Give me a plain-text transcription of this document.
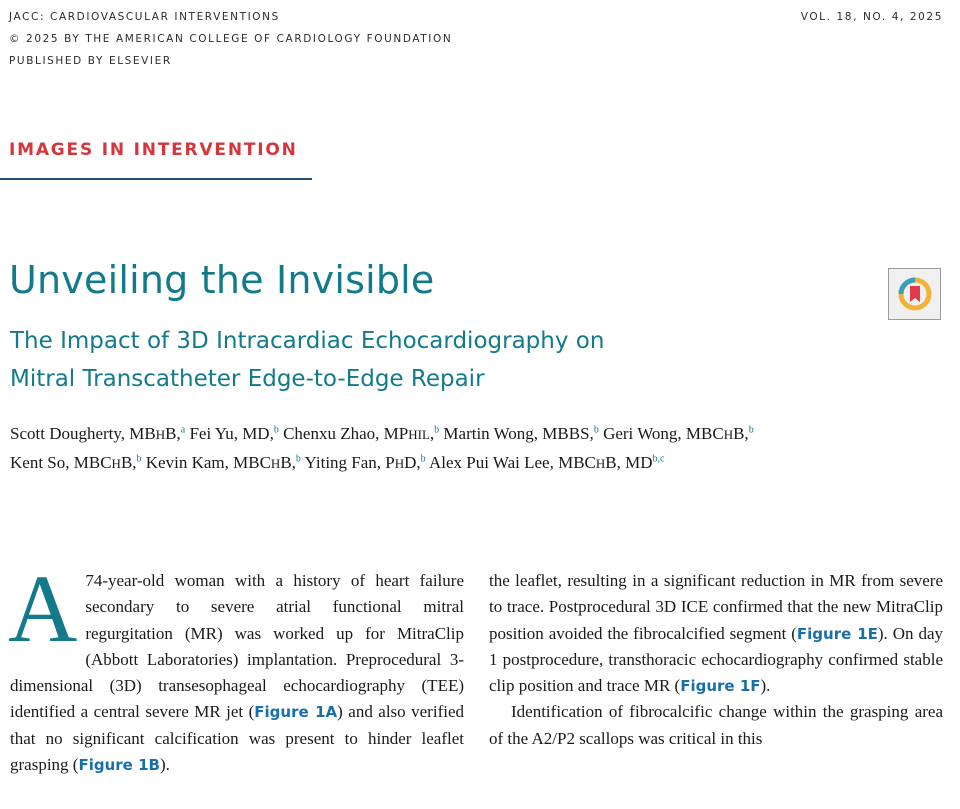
JACC: CARDIOVASCULAR INTERVENTIONS
© 2025 BY THE AMERICAN COLLEGE OF CARDIOLOGY FOUNDATION
PUBLISHED BY ELSEVIER
VOL. 18, NO. 4, 2025
IMAGES IN INTERVENTION
Unveiling the Invisible
The Impact of 3D Intracardiac Echocardiography on
Mitral Transcatheter Edge-to-Edge Repair
Scott Dougherty, MBHB,$^a$ Fei Yu, MD,$^b$ Chenxu Zhao, MPHIL,$^b$ Martin Wong, MBBS,$^b$ Geri Wong, MBCHB,$^b$
Kent So, MBCHB,$^b$ Kevin Kam, MBCHB,$^b$ Yiting Fan, PHD,$^b$ Alex Pui Wai Lee, MBCHB, MD$^{b,c}$

A 74-year-old woman with a history of heart failure secondary to severe atrial functional mitral regurgitation (MR) was worked up for MitraClip (Abbott Laboratories) implantation. Preprocedural 3-dimensional (3D) transesophageal echocardiography (TEE) identified a central severe MR jet (Figure 1A) and also verified that no significant calcification was present to hinder leaflet grasping (Figure 1B).

the leaflet, resulting in a significant reduction in MR from severe to trace. Postprocedural 3D ICE confirmed that the new MitraClip position avoided the fibrocalcified segment (Figure 1E). On day 1 postprocedure, transthoracic echocardiography confirmed stable clip position and trace MR (Figure 1F).

Identification of fibrocalcific change within the grasping area of the A2/P2 scallops was critical in this
